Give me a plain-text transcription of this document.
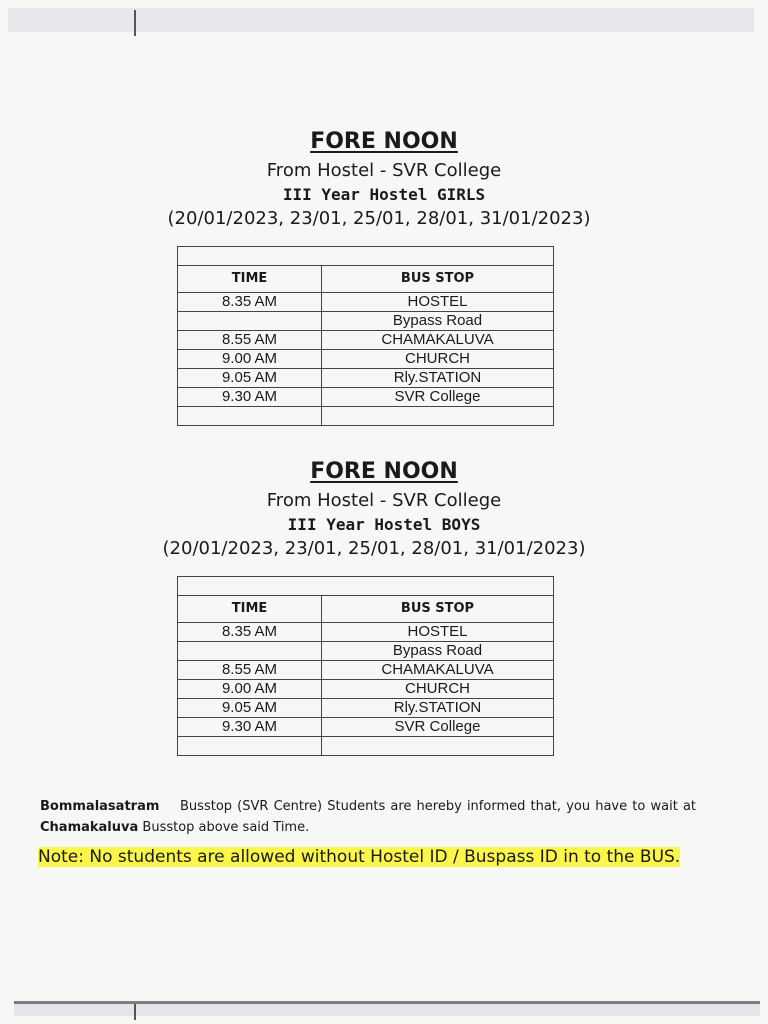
FORE NOON
From Hostel - SVR College
III Year Hostel GIRLS
(20/01/2023, 23/01, 25/01, 28/01, 31/01/2023)

TIME	BUS STOP
8.35 AM	HOSTEL
	Bypass Road
8.55 AM	CHAMAKALUVA
9.00 AM	CHURCH
9.05 AM	Rly.STATION
9.30 AM	SVR College

FORE NOON
From Hostel - SVR College
III Year Hostel BOYS
(20/01/2023, 23/01, 25/01, 28/01, 31/01/2023)

TIME	BUS STOP
8.35 AM	HOSTEL
	Bypass Road
8.55 AM	CHAMAKALUVA
9.00 AM	CHURCH
9.05 AM	Rly.STATION
9.30 AM	SVR College

Bommalasatram Busstop (SVR Centre) Students are hereby informed that, you have to wait at Chamakaluva Busstop above said Time.
Note: No students are allowed without Hostel ID / Buspass ID in to the BUS.
